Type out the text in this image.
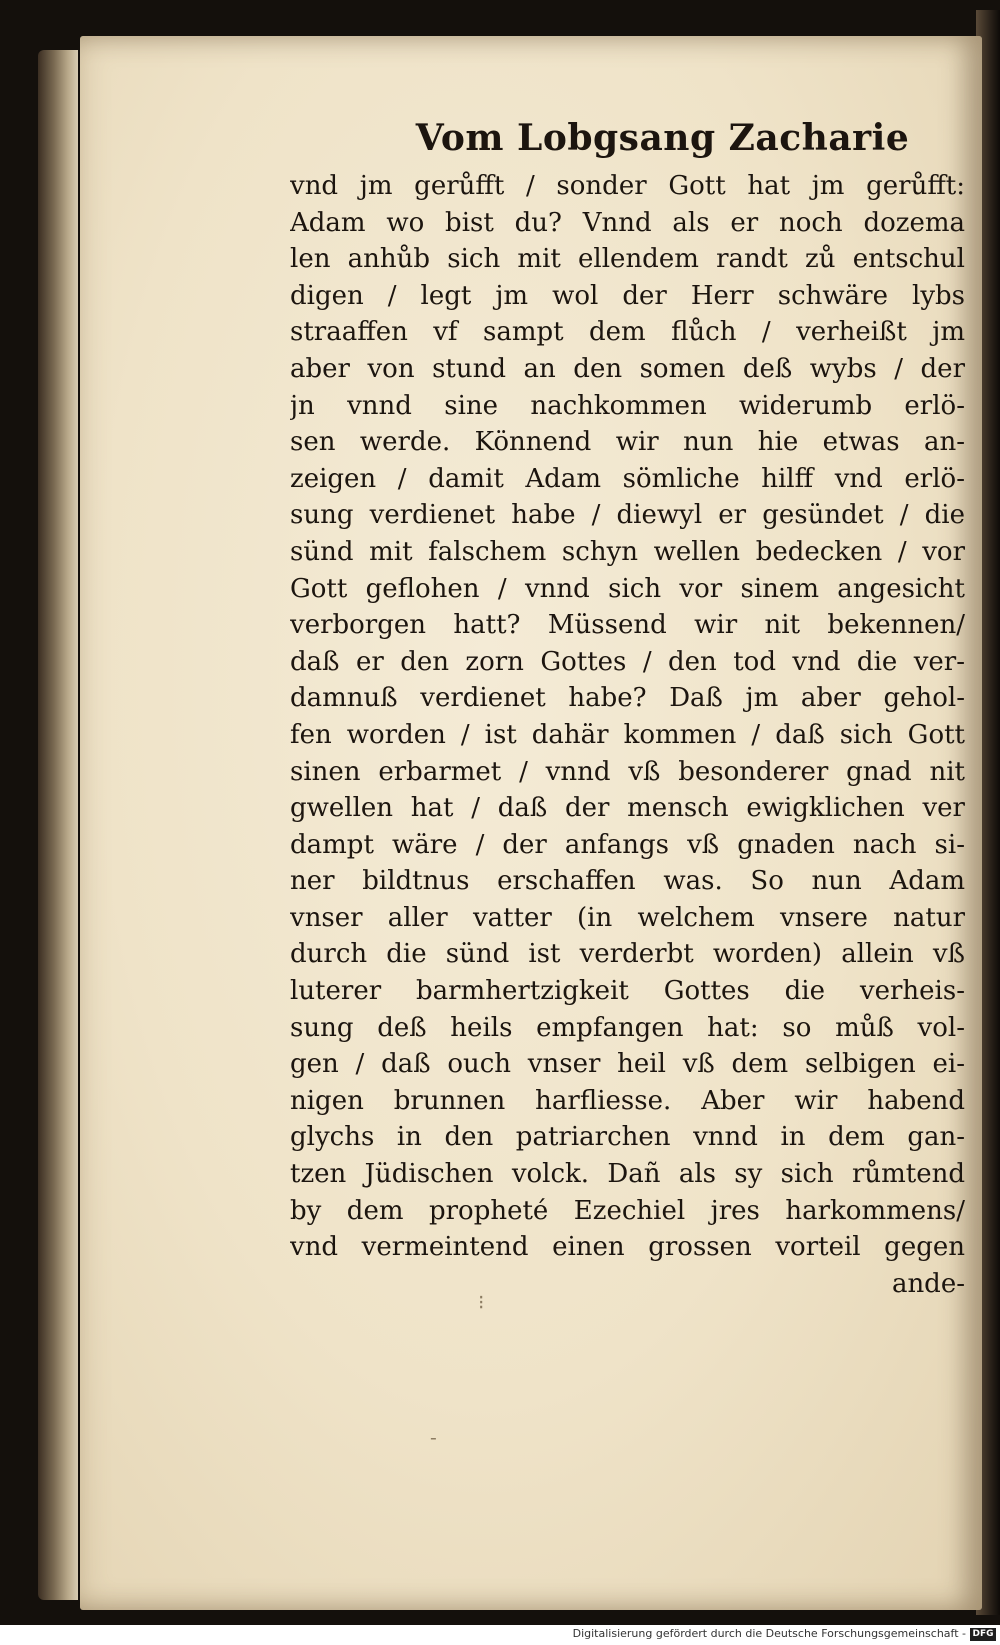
Vom Lobgsang Zacharie
vnd jm gerůfft / sonder Gott hat jm gerůfft:
Adam wo bist du? Vnnd als er noch dozema
len anhůb sich mit ellendem randt zů entschul
digen / legt jm wol der Herr schwäre lybs
straaffen vf sampt dem flůch / verheißt jm
aber von stund an den somen deß wybs / der
jn vnnd sine nachkommen widerumb erlö-
sen werde. Könnend wir nun hie etwas an-
zeigen / damit Adam sömliche hilff vnd erlö-
sung verdienet habe / diewyl er gesündet / die
sünd mit falschem schyn wellen bedecken / vor
Gott geflohen / vnnd sich vor sinem angesicht
verborgen hatt? Müssend wir nit bekennen/
daß er den zorn Gottes / den tod vnd die ver-
damnuß verdienet habe? Daß jm aber gehol-
fen worden / ist dahär kommen / daß sich Gott
sinen erbarmet / vnnd vß besonderer gnad nit
gwellen hat / daß der mensch ewigklichen ver
dampt wäre / der anfangs vß gnaden nach si-
ner bildtnus erschaffen was. So nun Adam
vnser aller vatter (in welchem vnsere natur
durch die sünd ist verderbt worden) allein vß
luterer barmhertzigkeit Gottes die verheis-
sung deß heils empfangen hat: so můß vol-
gen / daß ouch vnser heil vß dem selbigen ei-
nigen brunnen harfliesse. Aber wir habend
glychs in den patriarchen vnnd in dem gan-
tzen Jüdischen volck. Dañ als sy sich růmtend
by dem propheté Ezechiel jres harkommens/
vnd vermeintend einen grossen vorteil gegen
ande-
⁝
-
Digitalisierung gefördert durch die Deutsche Forschungsgemeinschaft - DFG
